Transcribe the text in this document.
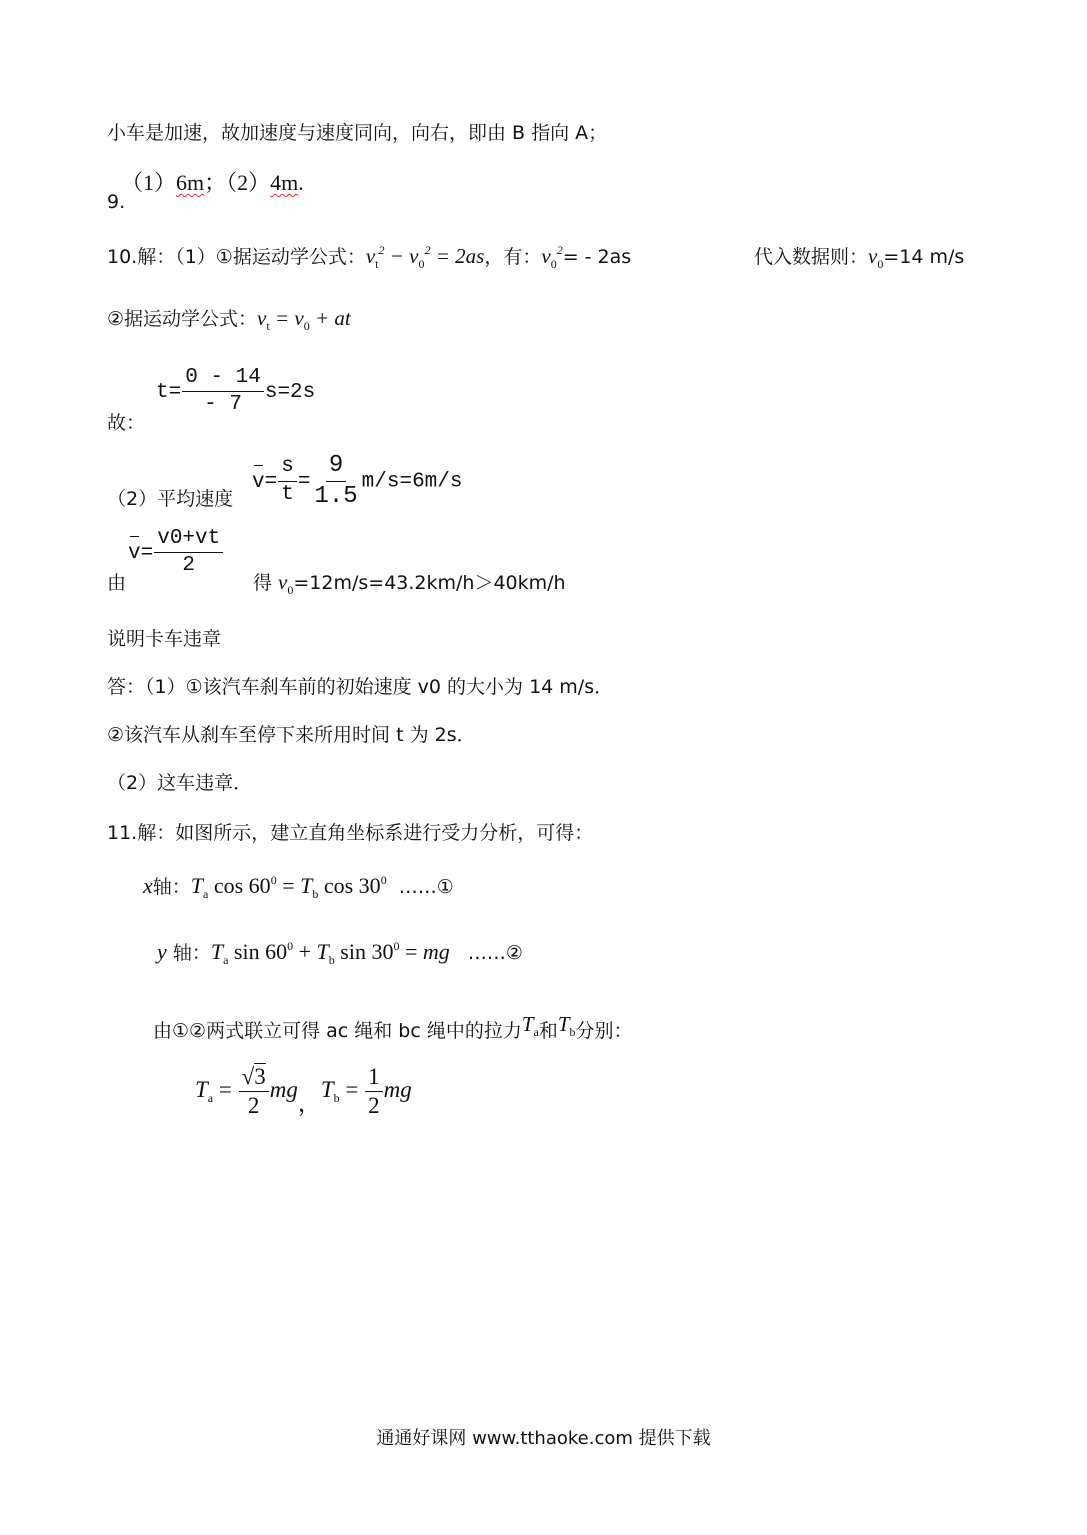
小车是加速，故加速度与速度同向，向右，即由 B 指向 A；
（1）6m；（2）4m.
9.
10.解：（1）①据运动学公式：$v_t^2 - v_0^2 = 2as$，有：$v_0^2= - 2as$	代入数据则：$v_0=14$ m/s
②据运动学公式：$v_t = v_0$ + at
$t= \frac{0 - 14}{- 7} s=2s$
故：
（2）平均速度
$v= \frac{s}{t} = \frac{9}{1.5} m/s=6m/s$
由
$v= \frac{v0+vt}{2}$
得 $v_0=12m/s=43.2km/h>40km/h$
说明卡车违章
答：（1）①该汽车刹车前的初始速度 v0 的大小为 14 m/s．
②该汽车从刹车至停下来所用时间 t 为 2s．
（2）这车违章．
11.解：如图所示，建立直角坐标系进行受力分析，可得：
x轴：$T_a$ $\cos 60^0 = T_b$ $\cos 30^0$ ……①
y 轴：$T_a$ $\sin 60^0 + T_b$ $\sin 30^0$ = mg ……②
由①②两式联立可得 ac 绳和 bc 绳中的拉力$T_a$和$T_b$分别：
$T_a = \frac{√3}{2}$ mg，$T_b = \frac{1}{2}$ mg
通通好课网 www.tthaoke.com 提供下载
